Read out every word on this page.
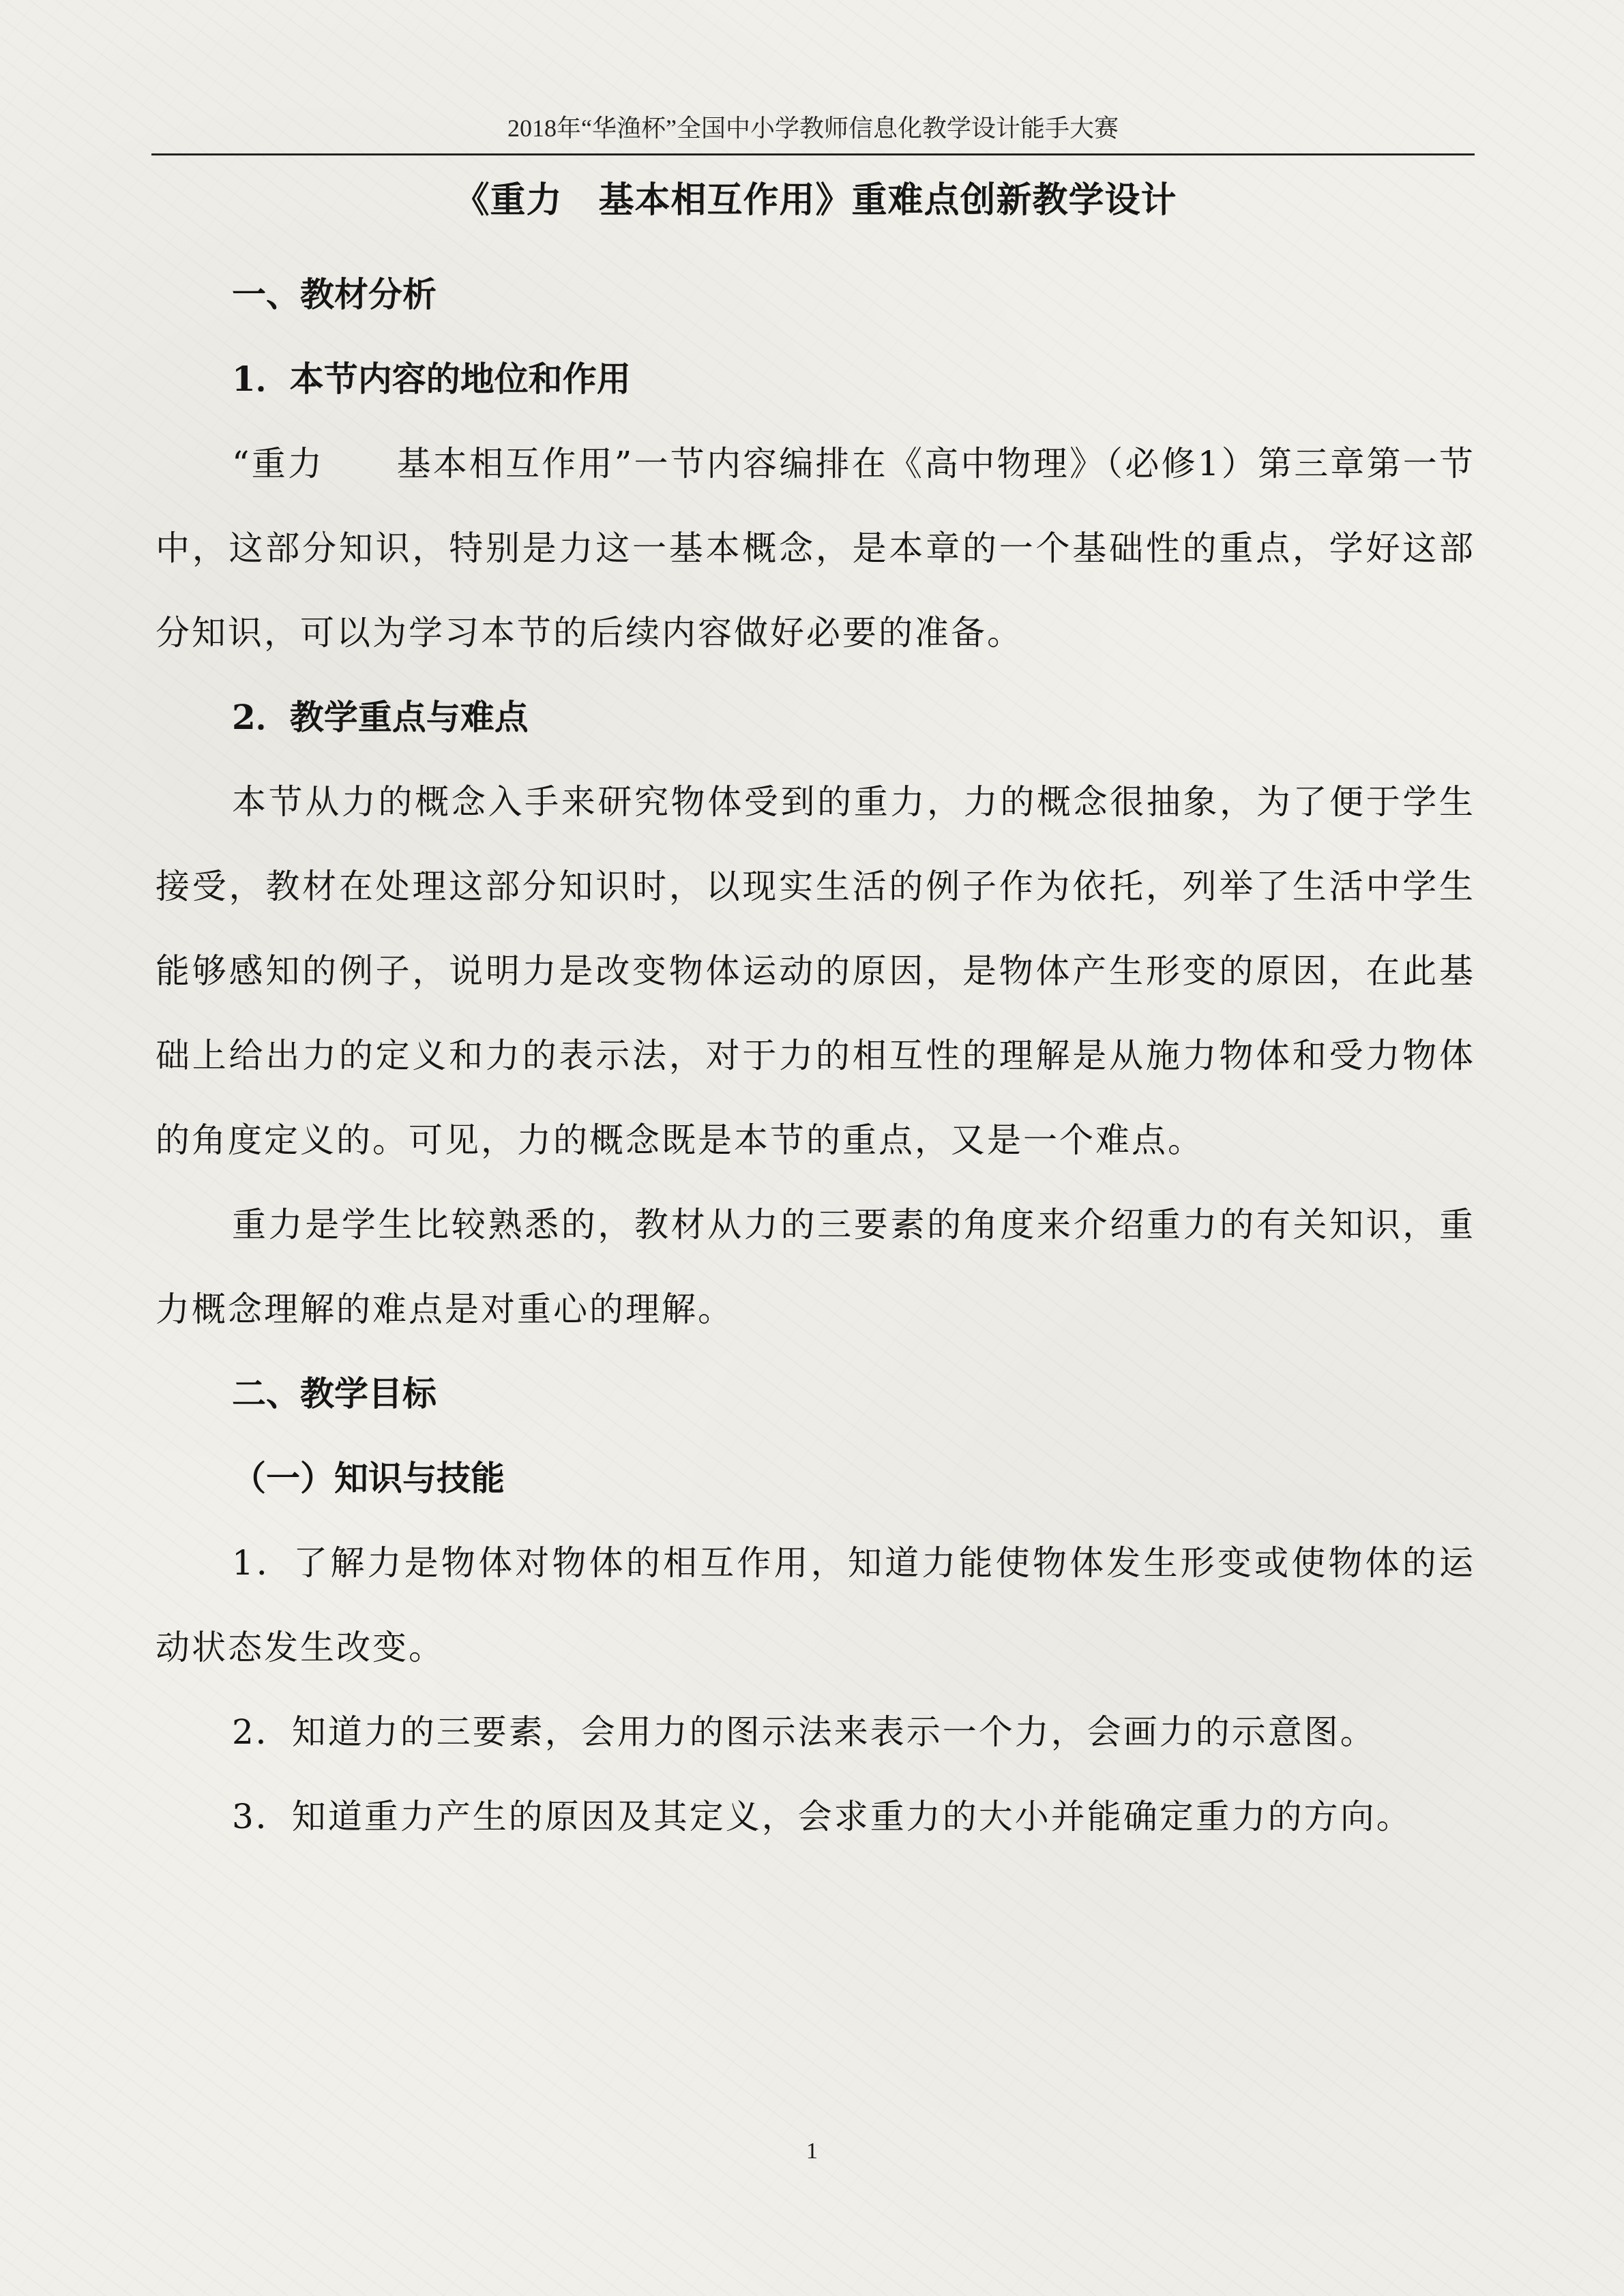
2018年“华渔杯”全国中小学教师信息化教学设计能手大赛
《重力　基本相互作用》重难点创新教学设计

一、教材分析

1．本节内容的地位和作用

“重力　　基本相互作用”一节内容编排在《高中物理》（必修1）第三章第一节中，这部分知识，特别是力这一基本概念，是本章的一个基础性的重点，学好这部分知识，可以为学习本节的后续内容做好必要的准备。

2．教学重点与难点

本节从力的概念入手来研究物体受到的重力，力的概念很抽象，为了便于学生接受，教材在处理这部分知识时，以现实生活的例子作为依托，列举了生活中学生能够感知的例子，说明力是改变物体运动的原因，是物体产生形变的原因，在此基础上给出力的定义和力的表示法，对于力的相互性的理解是从施力物体和受力物体的角度定义的。可见，力的概念既是本节的重点，又是一个难点。

重力是学生比较熟悉的，教材从力的三要素的角度来介绍重力的有关知识，重力概念理解的难点是对重心的理解。

二、教学目标

（一）知识与技能

1．了解力是物体对物体的相互作用，知道力能使物体发生形变或使物体的运动状态发生改变。

2．知道力的三要素，会用力的图示法来表示一个力，会画力的示意图。

3．知道重力产生的原因及其定义，会求重力的大小并能确定重力的方向。

1
